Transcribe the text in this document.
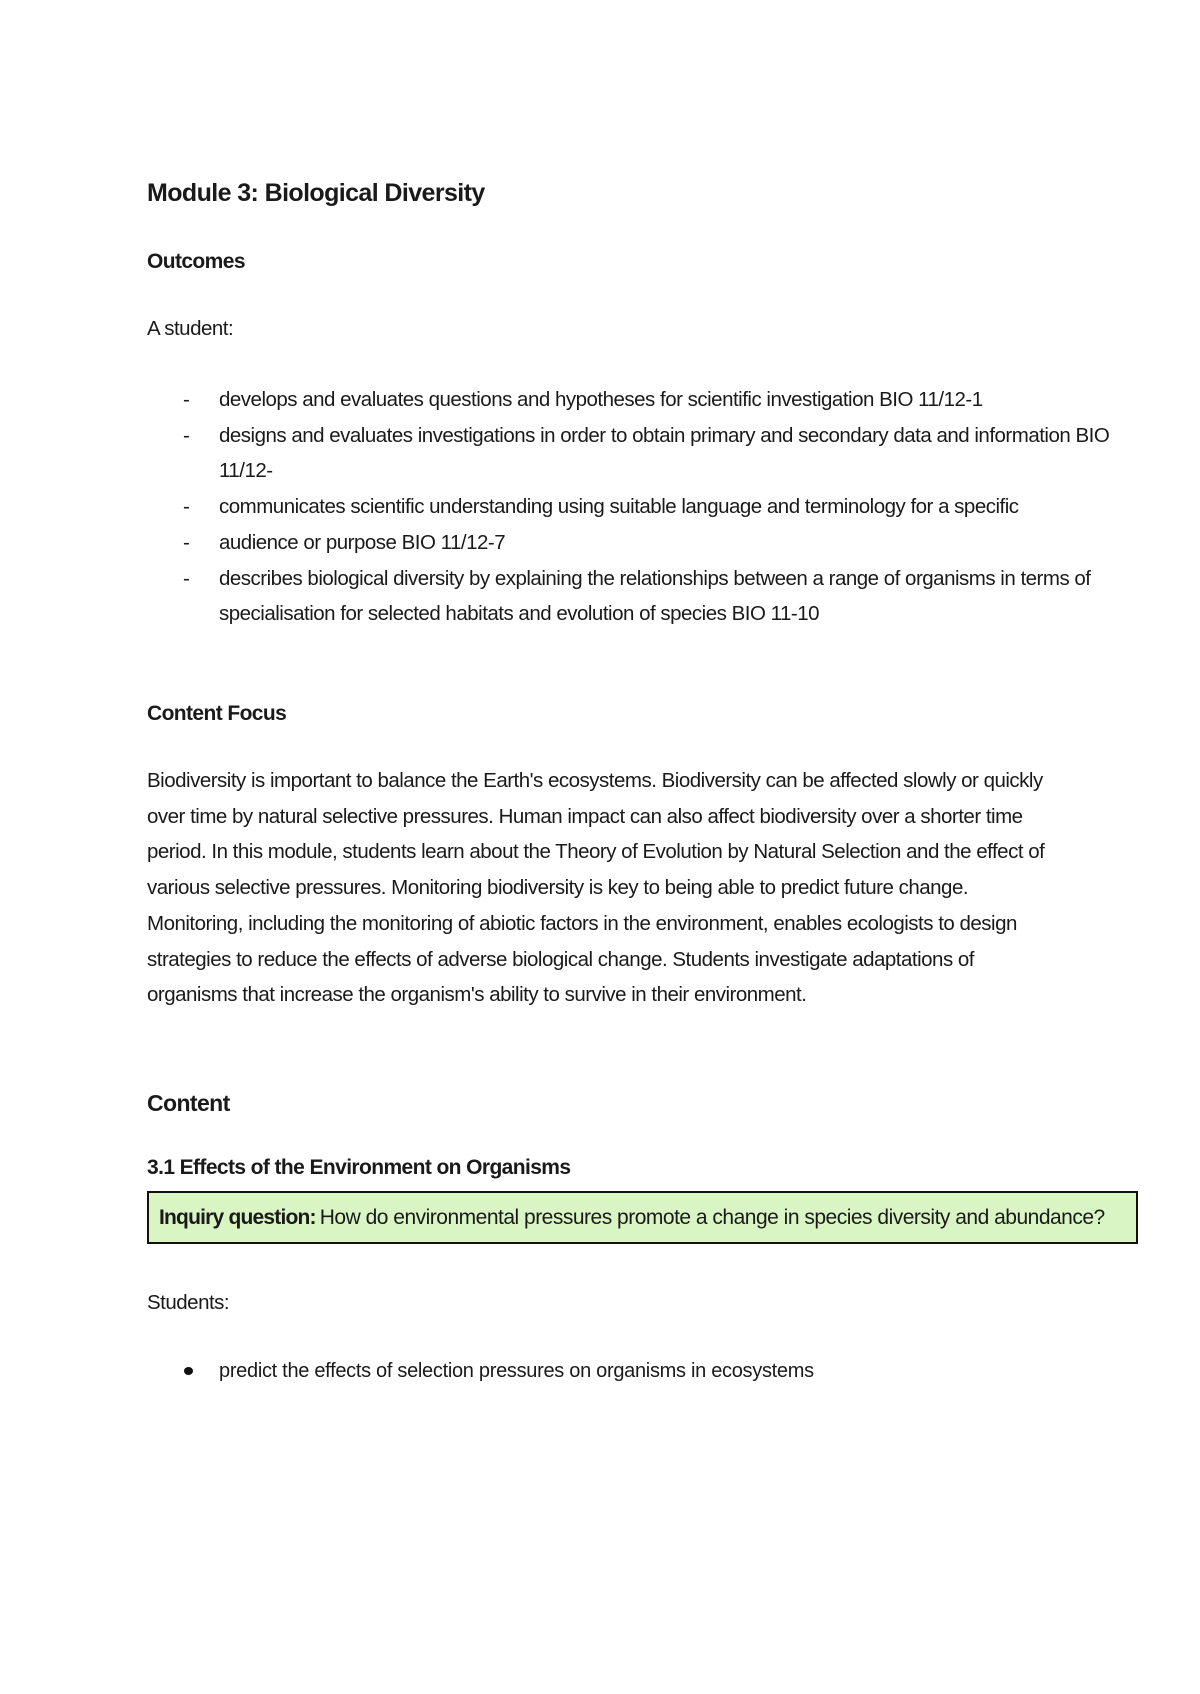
Module 3: Biological Diversity
Outcomes

A student:

- develops and evaluates questions and hypotheses for scientific investigation BIO 11/12-1
- designs and evaluates investigations in order to obtain primary and secondary data and information BIO 11/12-
- communicates scientific understanding using suitable language and terminology for a specific
- audience or purpose BIO 11/12-7
- describes biological diversity by explaining the relationships between a range of organisms in terms of specialisation for selected habitats and evolution of species BIO 11-10
Content Focus

Biodiversity is important to balance the Earth's ecosystems. Biodiversity can be affected slowly or quickly over time by natural selective pressures. Human impact can also affect biodiversity over a shorter time period. In this module, students learn about the Theory of Evolution by Natural Selection and the effect of various selective pressures. Monitoring biodiversity is key to being able to predict future change. Monitoring, including the monitoring of abiotic factors in the environment, enables ecologists to design strategies to reduce the effects of adverse biological change. Students investigate adaptations of organisms that increase the organism's ability to survive in their environment.

Content
3.1 Effects of the Environment on Organisms
Inquiry question: How do environmental pressures promote a change in species diversity and abundance?

Students:

predict the effects of selection pressures on organisms in ecosystems
